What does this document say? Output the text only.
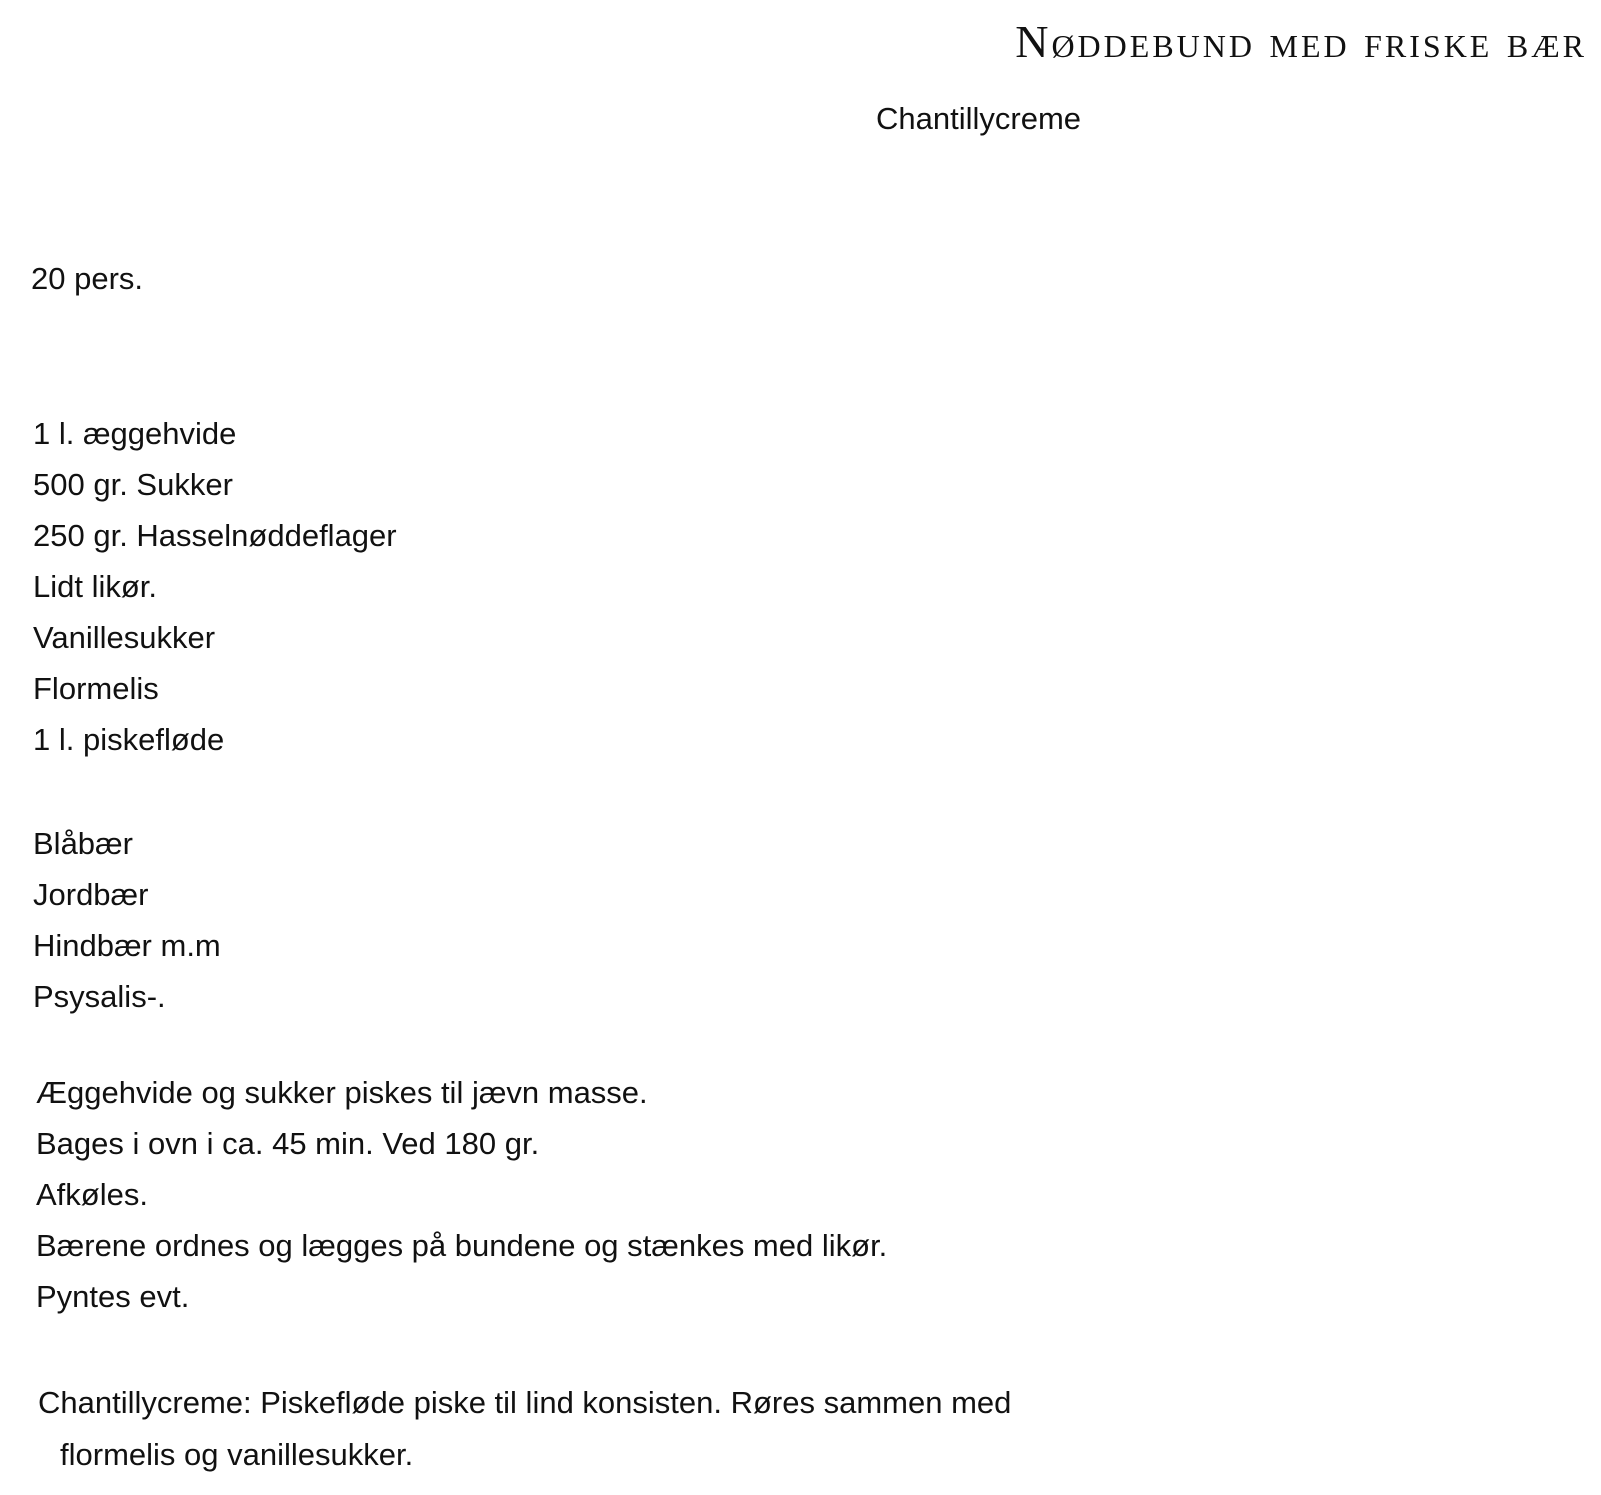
Nøddebund med friske bær
Chantillycreme
20 pers.
1 l. æggehvide
500 gr. Sukker
250 gr. Hasselnøddeflager
Lidt likør.
Vanillesukker
Flormelis
1 l. piskefløde
Blåbær
Jordbær
Hindbær m.m
Psysalis-.
Æggehvide og sukker piskes til jævn masse.
Bages i ovn i ca. 45 min. Ved 180 gr.
Afkøles.
Bærene ordnes og lægges på bundene og stænkes med likør.
Pyntes evt.

Chantillycreme: Piskefløde piske til lind konsisten. Røres sammen med
flormelis og vanillesukker.
